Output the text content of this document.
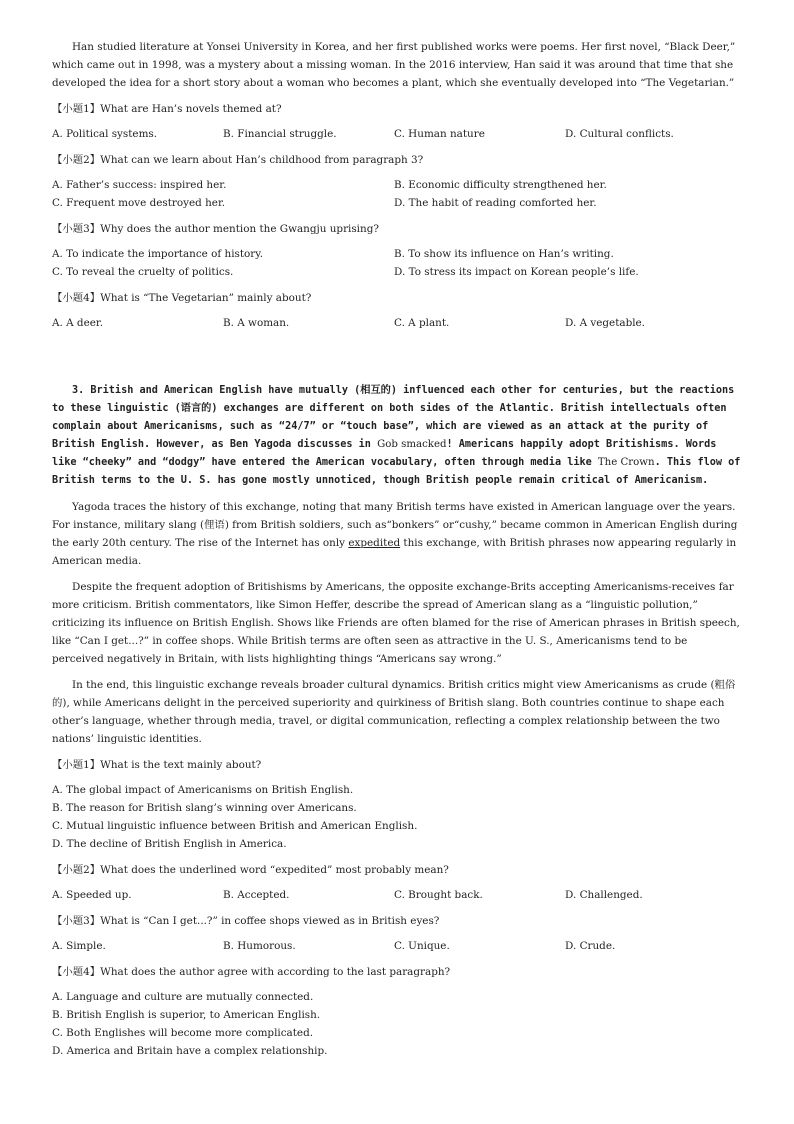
Han studied literature at Yonsei University in Korea, and her first published works were poems. Her first novel, “Black Deer,” which came out in 1998, was a mystery about a missing woman. In the 2016 interview, Han said it was around that time that she developed the idea for a short story about a woman who becomes a plant, which she eventually developed into “The Vegetarian.”

【小题1】What are Han’s novels themed at?
A. Political systems.	B. Financial struggle.	C. Human nature	D. Cultural conflicts.
【小题2】What can we learn about Han’s childhood from paragraph 3?
A. Father’s success: inspired her.	B. Economic difficulty strengthened her.
C. Frequent move destroyed her.	D. The habit of reading comforted her.
【小题3】Why does the author mention the Gwangju uprising?
A. To indicate the importance of history.	B. To show its influence on Han’s writing.
C. To reveal the cruelty of politics.	D. To stress its impact on Korean people’s life.
【小题4】What is “The Vegetarian” mainly about?
A. A deer.	B. A woman.	C. A plant.	D. A vegetable.

3. British and American English have mutually (相互的) influenced each other for centuries, but the reactions to these linguistic (语言的) exchanges are different on both sides of the Atlantic. British intellectuals often complain about Americanisms, such as “24/7” or “touch base”, which are viewed as an attack at the purity of British English. However, as Ben Yagoda discusses in Gob smacked! Americans happily adopt Britishisms. Words like “cheeky” and “dodgy” have entered the American vocabulary, often through media like The Crown. This flow of British terms to the U. S. has gone mostly unnoticed, though British people remain critical of Americanism.

Yagoda traces the history of this exchange, noting that many British terms have existed in American language over the years. For instance, military slang (俚语) from British soldiers, such as“bonkers” or“cushy,” became common in American English during the early 20th century. The rise of the Internet has only expedited this exchange, with British phrases now appearing regularly in American media.

Despite the frequent adoption of Britishisms by Americans, the opposite exchange-Brits accepting Americanisms-receives far more criticism. British commentators, like Simon Heffer, describe the spread of American slang as a “linguistic pollution,” criticizing its influence on British English. Shows like Friends are often blamed for the rise of American phrases in British speech, like “Can I get...?” in coffee shops. While British terms are often seen as attractive in the U. S., Americanisms tend to be perceived negatively in Britain, with lists highlighting things “Americans say wrong.”

In the end, this linguistic exchange reveals broader cultural dynamics. British critics might view Americanisms as crude (粗俗的), while Americans delight in the perceived superiority and quirkiness of British slang. Both countries continue to shape each other’s language, whether through media, travel, or digital communication, reflecting a complex relationship between the two nations’ linguistic identities.

【小题1】What is the text mainly about?
A. The global impact of Americanisms on British English.
B. The reason for British slang’s winning over Americans.
C. Mutual linguistic influence between British and American English.
D. The decline of British English in America.
【小题2】What does the underlined word “expedited” most probably mean?
A. Speeded up.	B. Accepted.	C. Brought back.	D. Challenged.
【小题3】What is “Can I get...?” in coffee shops viewed as in British eyes?
A. Simple.	B. Humorous.	C. Unique.	D. Crude.
【小题4】What does the author agree with according to the last paragraph?
A. Language and culture are mutually connected.
B. British English is superior, to American English.
C. Both Englishes will become more complicated.
D. America and Britain have a complex relationship.
